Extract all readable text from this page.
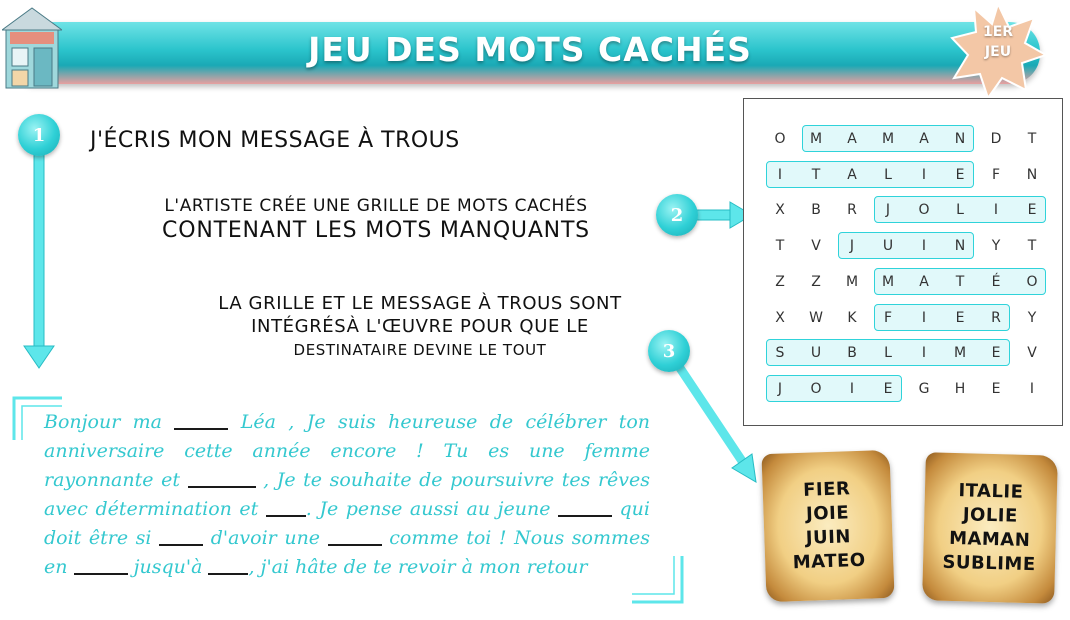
JEU DES MOTS CACHÉS	1ER
JEU
1
2
3
J'ÉCRIS MON MESSAGE À TROUS
L'ARTISTE CRÉE UNE GRILLE DE MOTS CACHÉS
CONTENANT LES MOTS MANQUANTS
LA GRILLE ET LE MESSAGE À TROUS SONT
INTÉGRÉSÀ L'ŒUVRE POUR QUE LE
DESTINATAIRE DEVINE LE TOUT
Bonjour ma	Léa , Je suis heureuse de célébrer ton anniversaire cette année encore ! Tu es une femme rayonnante et	, Je te souhaite de poursuivre tes rêves avec détermination et	. Je pense aussi au jeune	qui doit être si	d'avoir une	comme toi ! Nous sommes en	jusqu'à , j'ai hâte de te revoir à mon retour
O	M	A	M	A	N	D	T
I	T	A	L	I	E	F	N
X	B	R	J	O	L	I	E
T	V	J	U	I	N	Y	T
Z	Z	M	M	A	T	É	O
X	W	K	F	I	E	R	Y
S	U	B	L	I	M	E	V
J	O	I	E	G	H	E	I
FIER
JOIE
JUIN
MATEO
ITALIE
JOLIE
MAMAN
SUBLIME
